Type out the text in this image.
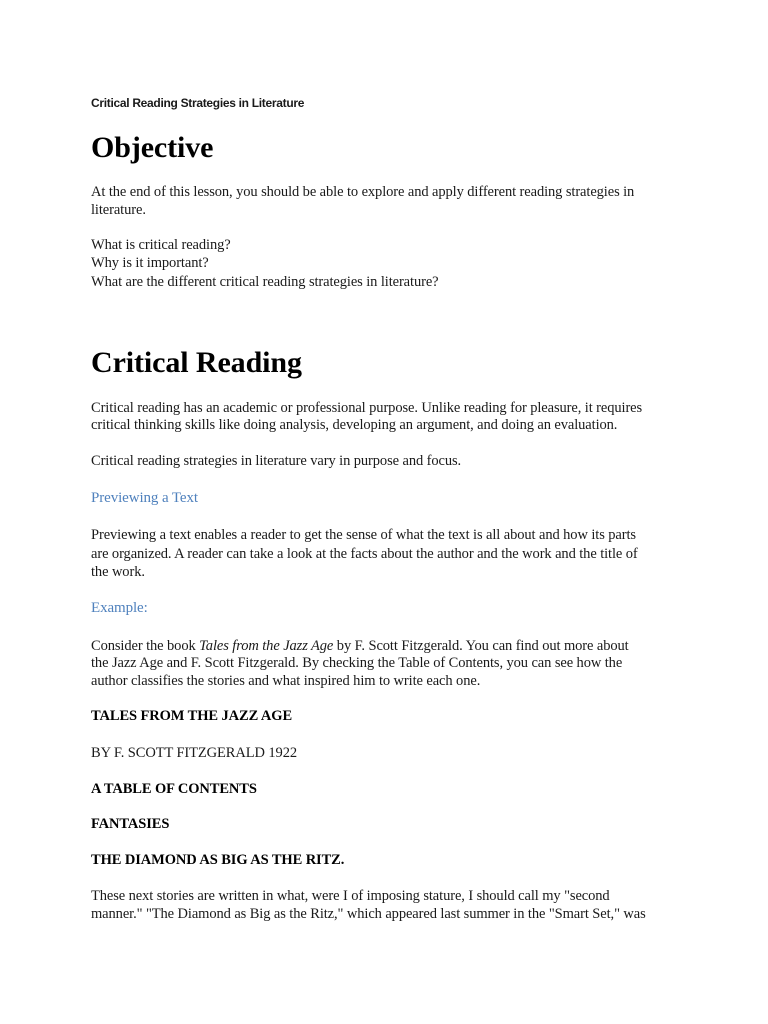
Critical Reading Strategies in Literature
Objective
At the end of this lesson, you should be able to explore and apply different reading strategies in
literature.
What is critical reading?
Why is it important?
What are the different critical reading strategies in literature?
Critical Reading
Critical reading has an academic or professional purpose. Unlike reading for pleasure, it requires
critical thinking skills like doing analysis, developing an argument, and doing an evaluation.
Critical reading strategies in literature vary in purpose and focus.
Previewing a Text
Previewing a text enables a reader to get the sense of what the text is all about and how its parts
are organized. A reader can take a look at the facts about the author and the work and the title of
the work.
Example:
Consider the book Tales from the Jazz Age by F. Scott Fitzgerald. You can find out more about
the Jazz Age and F. Scott Fitzgerald. By checking the Table of Contents, you can see how the
author classifies the stories and what inspired him to write each one.
TALES FROM THE JAZZ AGE
BY F. SCOTT FITZGERALD 1922
A TABLE OF CONTENTS
FANTASIES
THE DIAMOND AS BIG AS THE RITZ.
These next stories are written in what, were I of imposing stature, I should call my "second
manner." "The Diamond as Big as the Ritz," which appeared last summer in the "Smart Set," was
